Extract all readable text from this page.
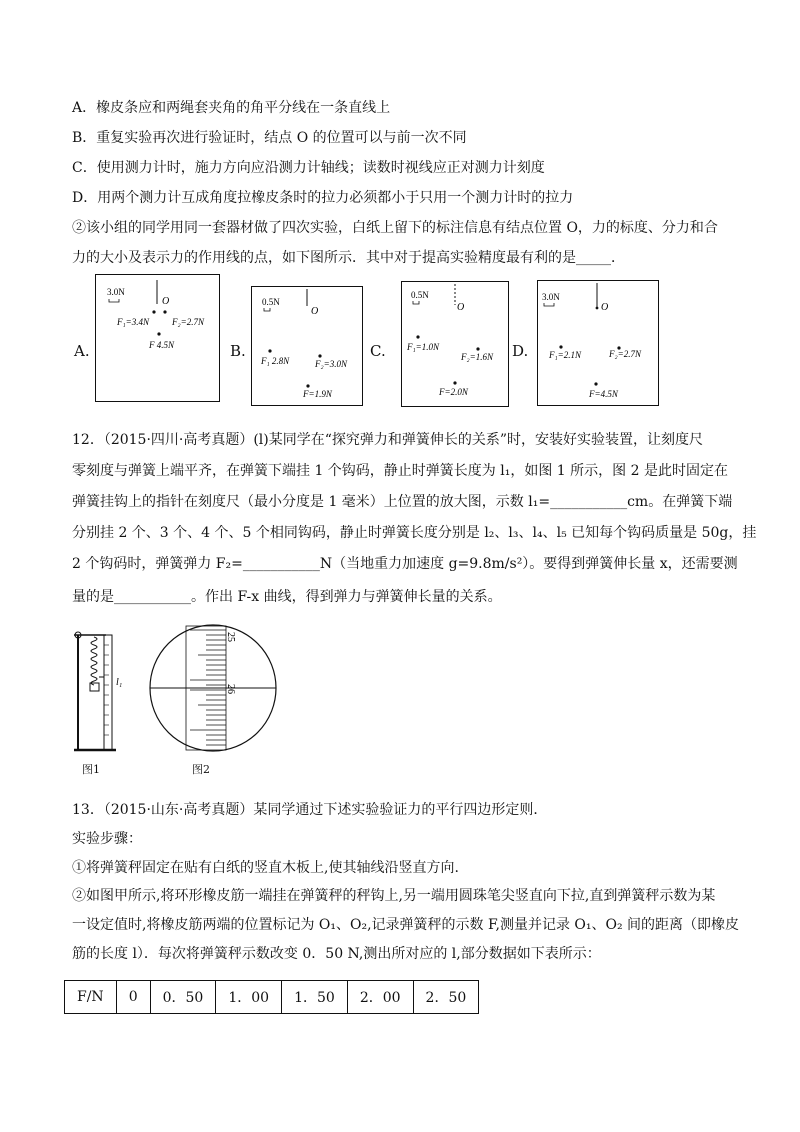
A．橡皮条应和两绳套夹角的角平分线在一条直线上
B．重复实验再次进行验证时，结点 O 的位置可以与前一次不同
C．使用测力计时，施力方向应沿测力计轴线；读数时视线应正对测力计刻度
D．用两个测力计互成角度拉橡皮条时的拉力必须都小于只用一个测力计时的拉力
②该小组的同学用同一套器材做了四次实验，白纸上留下的标注信息有结点位置 O，力的标度、分力和合
力的大小及表示力的作用线的点，如下图所示．其中对于提高实验精度最有利的是_____．
A.	B.	C.	D.
3.0N
O
F₁=3.4N	F₂=2.7N
F 4.5N
0.5N
O
F₁ 2.8N	F₂=3.0N
F=1.9N
0.5N
O
F₁=1.0N
F₂=1.6N
F=2.0N
3.0N
O
F₁=2.1N	F₂=2.7N
F=4.5N
12．（2015·四川·高考真题）(l)某同学在“探究弹力和弹簧伸长的关系”时，安装好实验装置，让刻度尺
零刻度与弹簧上端平齐，在弹簧下端挂 1 个钩码，静止时弹簧长度为 l₁，如图 1 所示，图 2 是此时固定在
弹簧挂钩上的指针在刻度尺（最小分度是 1 毫米）上位置的放大图，示数 l₁=___________cm。在弹簧下端
分别挂 2 个、3 个、4 个、5 个相同钩码，静止时弹簧长度分别是 l₂、l₃、l₄、l₅ 已知每个钩码质量是 50g，挂
2 个钩码时，弹簧弹力 F₂=___________N（当地重力加速度 g=9.8m/s²）。要得到弹簧伸长量 x，还需要测
量的是___________。作出 F-x 曲线，得到弹力与弹簧伸长量的关系。
l₁
图1
25
26
图2
13．（2015·山东·高考真题）某同学通过下述实验验证力的平行四边形定则．
实验步骤：
①将弹簧秤固定在贴有白纸的竖直木板上,使其轴线沿竖直方向.
②如图甲所示,将环形橡皮筋一端挂在弹簧秤的秤钩上,另一端用圆珠笔尖竖直向下拉,直到弹簧秤示数为某
一设定值时,将橡皮筋两端的位置标记为 O₁、O₂,记录弹簧秤的示数 F,测量并记录 O₁、O₂ 间的距离（即橡皮
筋的长度 l）．每次将弹簧秤示数改变 0．50 N,测出所对应的 l,部分数据如下表所示：
F/N	0	0．50	1．00	1．50	2．00	2．50
